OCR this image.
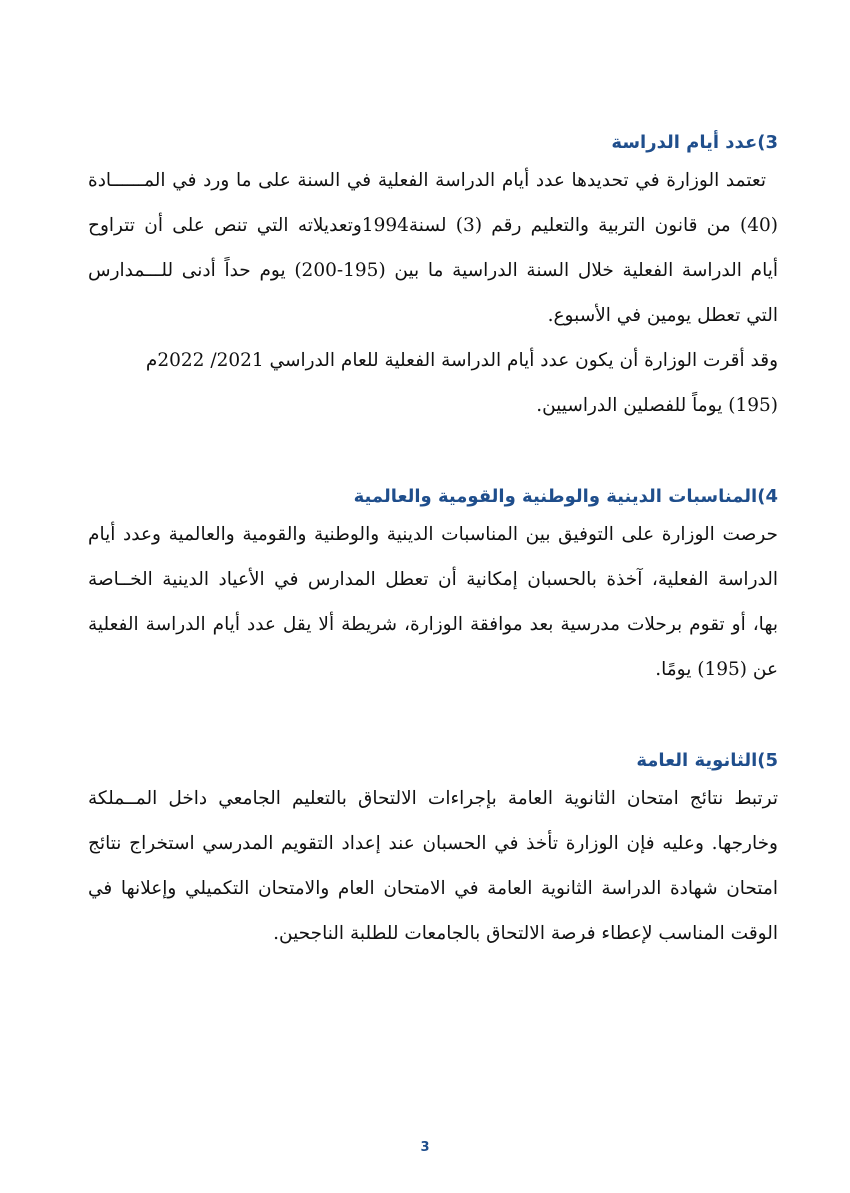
3)عدد أيام الدراسة
تعتمد الوزارة في تحديدها عدد أيام الدراسة الفعلية في السنة على ما ورد في المــــــادة
(40) من قانون التربية والتعليم رقم (3) لسنة1994وتعديلاته التي تنص على أن تتراوح
أيام الدراسة الفعلية خلال السنة الدراسية ما بين (195-200) يوم حداً أدنى للـــمدارس
التي تعطل يومين في الأسبوع.
وقد أقرت الوزارة أن يكون عدد أيام الدراسة الفعلية للعام الدراسي 2021/ 2022م
(195) يوماً للفصلين الدراسيين.
4)المناسبات الدينية والوطنية والقومية والعالمية
حرصت الوزارة على التوفيق بين المناسبات الدينية والوطنية والقومية والعالمية وعدد أيام
الدراسة الفعلية، آخذة بالحسبان إمكانية أن تعطل المدارس في الأعياد الدينية الخــاصة
بها، أو تقوم برحلات مدرسية بعد موافقة الوزارة، شريطة ألا يقل عدد أيام الدراسة الفعلية
عن (195) يومًا.
5)الثانوية العامة
ترتبط نتائج امتحان الثانوية العامة بإجراءات الالتحاق بالتعليم الجامعي داخل المــملكة
وخارجها. وعليه فإن الوزارة تأخذ في الحسبان عند إعداد التقويم المدرسي استخراج نتائج
امتحان شهادة الدراسة الثانوية العامة في الامتحان العام والامتحان التكميلي وإعلانها في
الوقت المناسب لإعطاء فرصة الالتحاق بالجامعات للطلبة الناجحين.
3
